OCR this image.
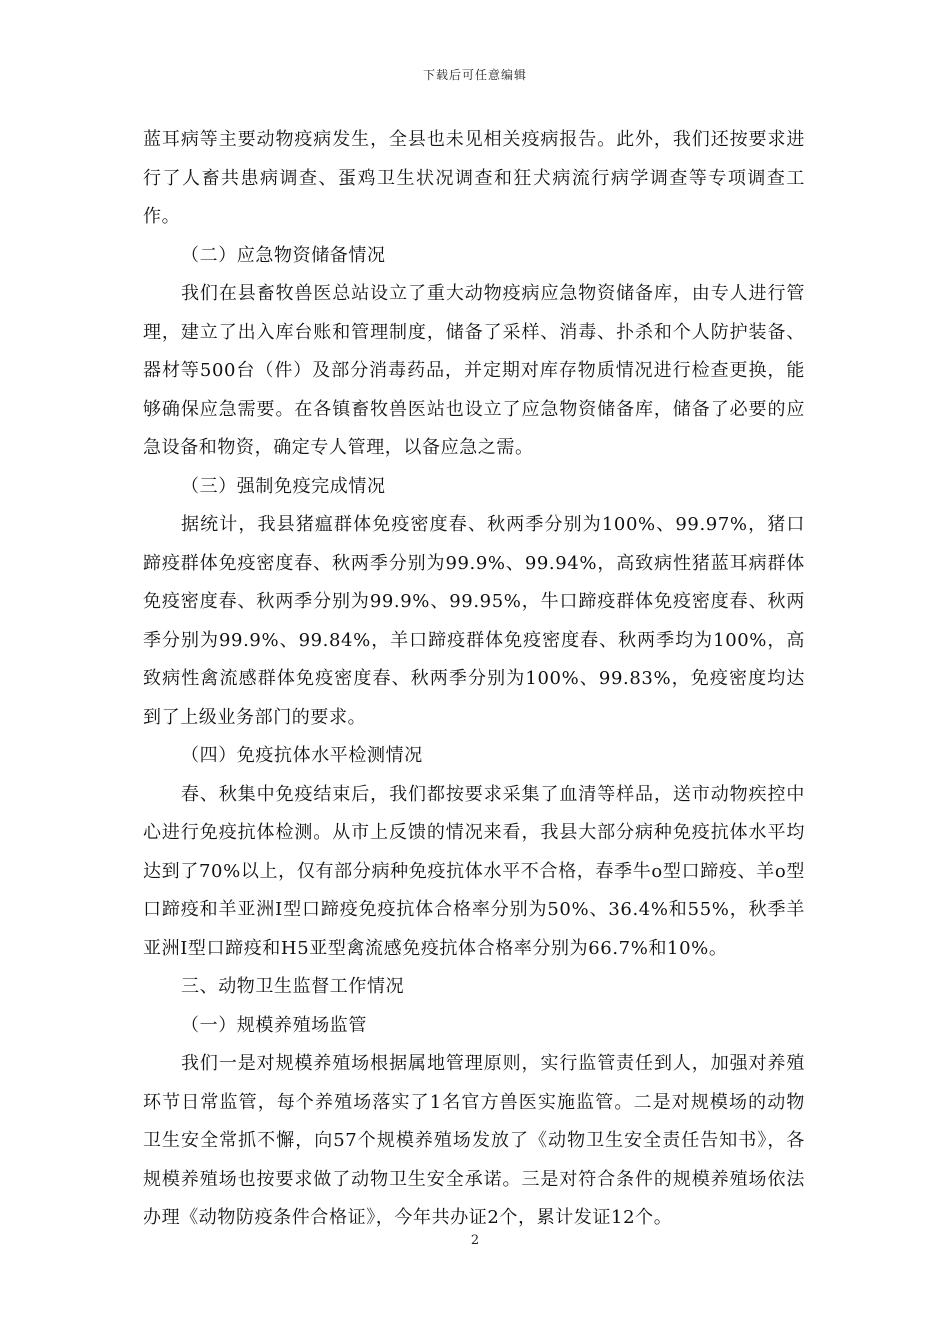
下载后可任意编辑

蓝耳病等主要动物疫病发生，全县也未见相关疫病报告。此外，我们还按要求进行了人畜共患病调查、蛋鸡卫生状况调查和狂犬病流行病学调查等专项调查工作。

（二）应急物资储备情况

我们在县畜牧兽医总站设立了重大动物疫病应急物资储备库，由专人进行管理，建立了出入库台账和管理制度，储备了采样、消毒、扑杀和个人防护装备、器材等500台（件）及部分消毒药品，并定期对库存物质情况进行检查更换，能够确保应急需要。在各镇畜牧兽医站也设立了应急物资储备库，储备了必要的应急设备和物资，确定专人管理，以备应急之需。

（三）强制免疫完成情况

据统计，我县猪瘟群体免疫密度春、秋两季分别为100%、99.97%，猪口蹄疫群体免疫密度春、秋两季分别为99.9%、99.94%，高致病性猪蓝耳病群体免疫密度春、秋两季分别为99.9%、99.95%，牛口蹄疫群体免疫密度春、秋两季分别为99.9%、99.84%，羊口蹄疫群体免疫密度春、秋两季均为100%，高致病性禽流感群体免疫密度春、秋两季分别为100%、99.83%，免疫密度均达到了上级业务部门的要求。

（四）免疫抗体水平检测情况

春、秋集中免疫结束后，我们都按要求采集了血清等样品，送市动物疾控中心进行免疫抗体检测。从市上反馈的情况来看，我县大部分病种免疫抗体水平均达到了70%以上，仅有部分病种免疫抗体水平不合格，春季牛o型口蹄疫、羊o型口蹄疫和羊亚洲Ⅰ型口蹄疫免疫抗体合格率分别为50%、36.4%和55%，秋季羊亚洲Ⅰ型口蹄疫和H5亚型禽流感免疫抗体合格率分别为66.7%和10%。

三、动物卫生监督工作情况

（一）规模养殖场监管

我们一是对规模养殖场根据属地管理原则，实行监管责任到人，加强对养殖环节日常监管，每个养殖场落实了1名官方兽医实施监管。二是对规模场的动物卫生安全常抓不懈，向57个规模养殖场发放了《动物卫生安全责任告知书》，各规模养殖场也按要求做了动物卫生安全承诺。三是对符合条件的规模养殖场依法办理《动物防疫条件合格证》，今年共办证2个，累计发证12个。

2
